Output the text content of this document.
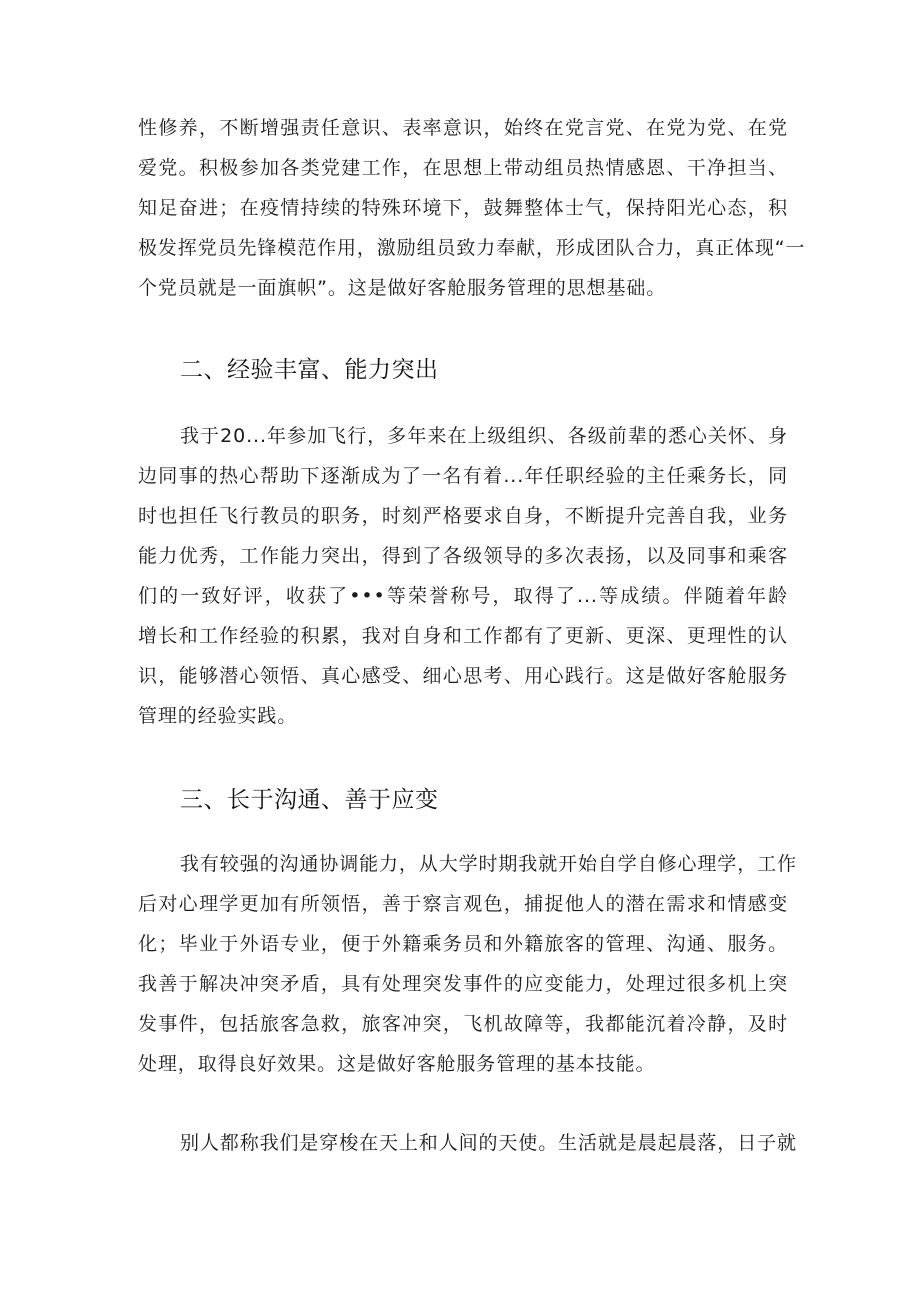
性修养，不断增强责任意识、表率意识，始终在党言党、在党为党、在党
爱党。积极参加各类党建工作，在思想上带动组员热情感恩、干净担当、
知足奋进；在疫情持续的特殊环境下，鼓舞整体士气，保持阳光心态，积
极发挥党员先锋模范作用，激励组员致力奉献，形成团队合力，真正体现“一
个党员就是一面旗帜”。这是做好客舱服务管理的思想基础。
二、经验丰富、能力突出
我于20...年参加飞行，多年来在上级组织、各级前辈的悉心关怀、身
边同事的热心帮助下逐渐成为了一名有着...年任职经验的主任乘务长，同
时也担任飞行教员的职务，时刻严格要求自身，不断提升完善自我，业务
能力优秀，工作能力突出，得到了各级领导的多次表扬，以及同事和乘客
们的一致好评，收获了•••等荣誉称号，取得了...等成绩。伴随着年龄
增长和工作经验的积累，我对自身和工作都有了更新、更深、更理性的认
识，能够潜心领悟、真心感受、细心思考、用心践行。这是做好客舱服务
管理的经验实践。
三、长于沟通、善于应变
我有较强的沟通协调能力，从大学时期我就开始自学自修心理学，工作
后对心理学更加有所领悟，善于察言观色，捕捉他人的潜在需求和情感变
化；毕业于外语专业，便于外籍乘务员和外籍旅客的管理、沟通、服务。
我善于解决冲突矛盾，具有处理突发事件的应变能力，处理过很多机上突
发事件，包括旅客急救，旅客冲突，飞机故障等，我都能沉着冷静，及时
处理，取得良好效果。这是做好客舱服务管理的基本技能。
别人都称我们是穿梭在天上和人间的天使。生活就是晨起晨落，日子就
